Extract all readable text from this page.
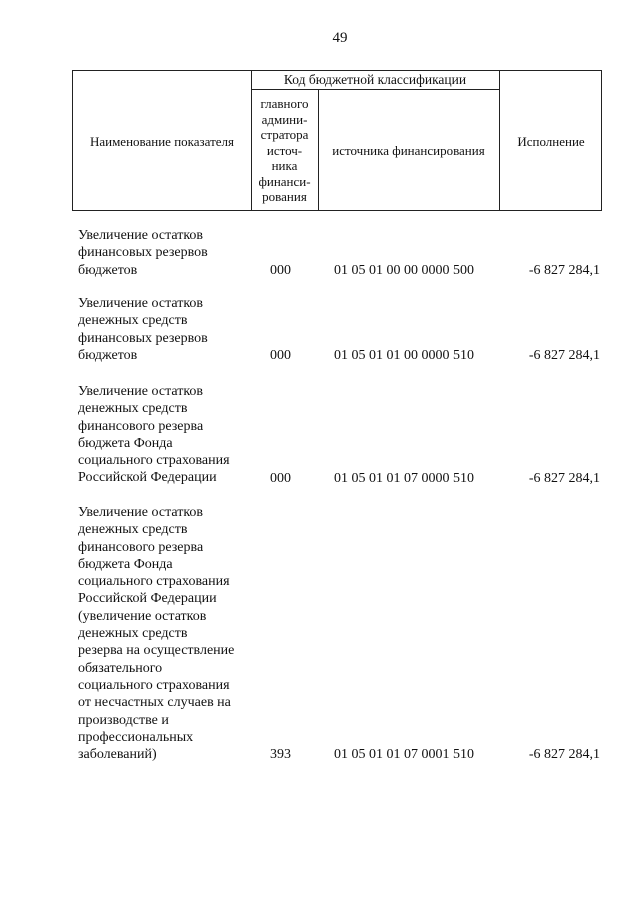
49
Наименование показателя
Код бюджетной классификации
главного
админи-
стратора
источ-
ника
финанси-
рования
источника финансирования
Исполнение
Увеличение остатков
финансовых резервов
бюджетов	000	01 05 01 00 00 0000 500	-6 827 284,1
Увеличение остатков
денежных средств
финансовых резервов
бюджетов	000	01 05 01 01 00 0000 510	-6 827 284,1
Увеличение остатков
денежных средств
финансового резерва
бюджета Фонда
социального страхования
Российской Федерации	000	01 05 01 01 07 0000 510	-6 827 284,1
Увеличение остатков
денежных средств
финансового резерва
бюджета Фонда
социального страхования
Российской Федерации
(увеличение остатков
денежных средств
резерва на осуществление
обязательного
социального страхования
от несчастных случаев на
производстве и
профессиональных
заболеваний)	393	01 05 01 01 07 0001 510	-6 827 284,1
